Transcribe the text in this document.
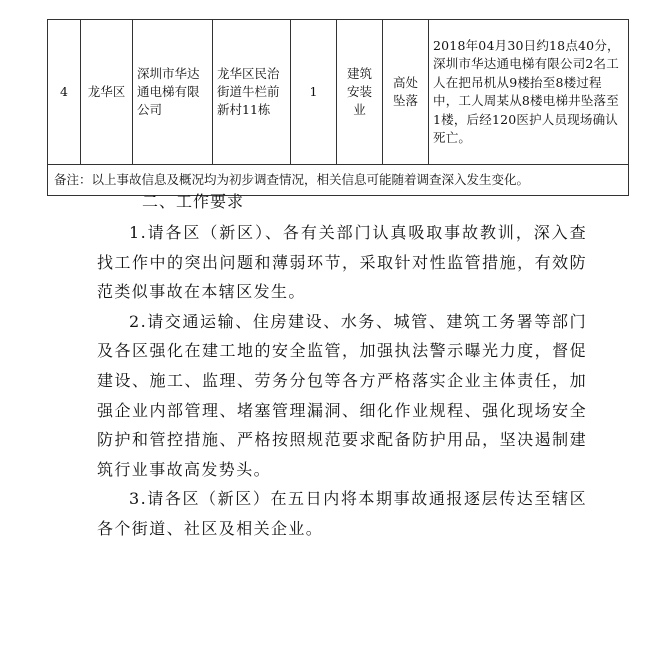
4	龙华区	深圳市华达通电梯有限公司	龙华区民治街道牛栏前新村11栋	1	建筑安装业	高处坠落	2018年04月30日约18点40分，深圳市华达通电梯有限公司2名工人在把吊机从9楼抬至8楼过程中，工人周某从8楼电梯井坠落至1楼，后经120医护人员现场确认死亡。
备注：以上事故信息及概况均为初步调查情况，相关信息可能随着调查深入发生变化。
二、工作要求

1.请各区（新区）、各有关部门认真吸取事故教训，深入查找工作中的突出问题和薄弱环节，采取针对性监管措施，有效防范类似事故在本辖区发生。

2.请交通运输、住房建设、水务、城管、建筑工务署等部门及各区强化在建工地的安全监管，加强执法警示曝光力度，督促建设、施工、监理、劳务分包等各方严格落实企业主体责任，加强企业内部管理、堵塞管理漏洞、细化作业规程、强化现场安全防护和管控措施、严格按照规范要求配备防护用品，坚决遏制建筑行业事故高发势头。

3.请各区（新区）在五日内将本期事故通报逐层传达至辖区各个街道、社区及相关企业。
